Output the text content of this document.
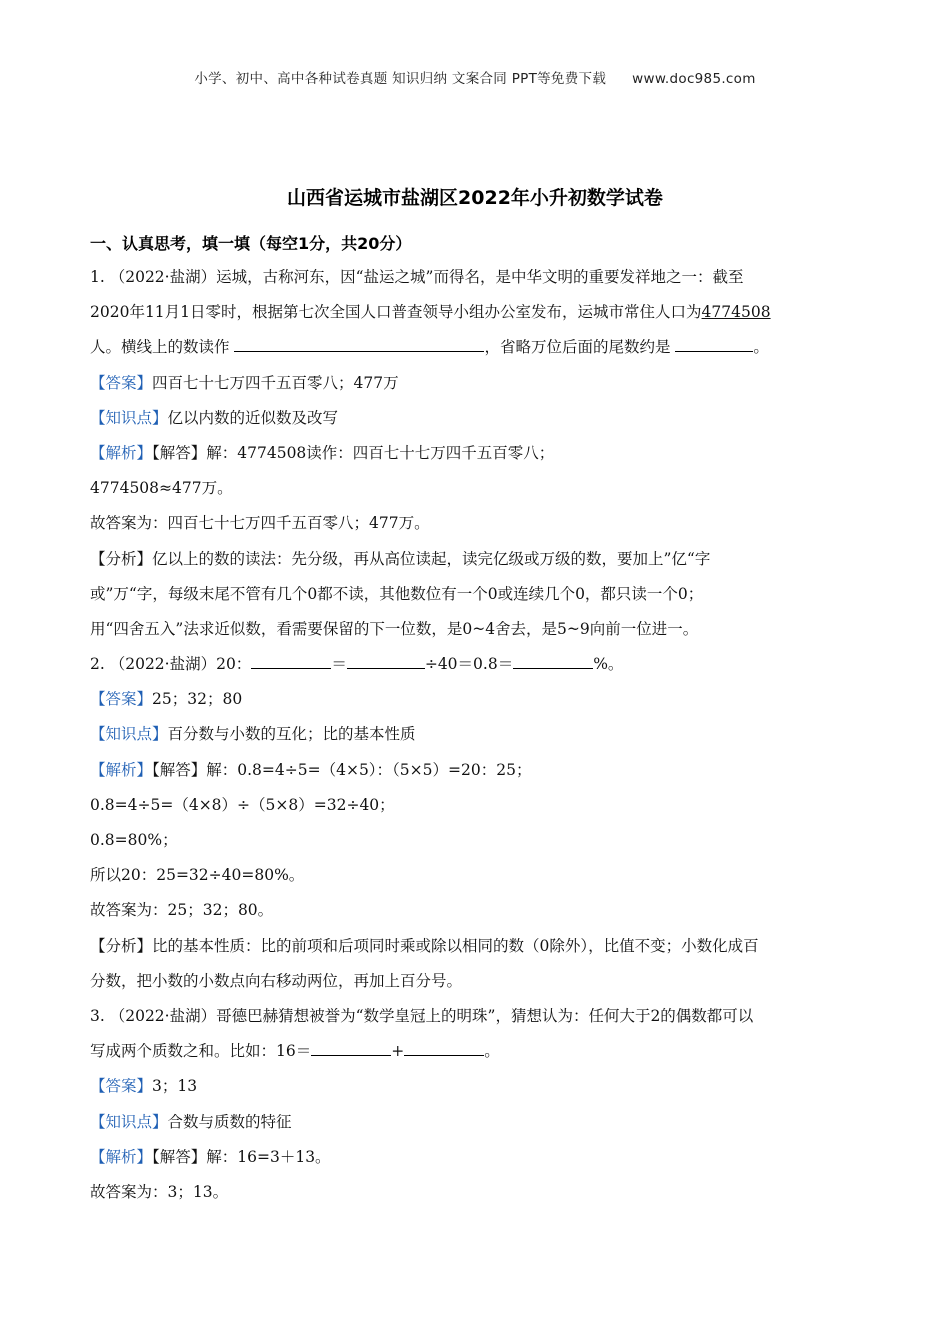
小学、初中、高中各种试卷真题 知识归纳 文案合同 PPT等免费下载 www.doc985.com
山西省运城市盐湖区2022年小升初数学试卷
一、认真思考，填一填（每空1分，共20分）
1. （2022·盐湖）运城，古称河东，因“盐运之城”而得名，是中华文明的重要发祥地之一：截至
2020年11月1日零时，根据第七次全国人口普查领导小组办公室发布，运城市常住人口为4774508
人。横线上的数读作	，省略万位后面的尾数约是	。
【答案】四百七十七万四千五百零八；477万
【知识点】亿以内数的近似数及改写
【解析】【解答】解：4774508读作：四百七十七万四千五百零八；
4774508≈477万。
故答案为：四百七十七万四千五百零八；477万。
【分析】亿以上的数的读法：先分级，再从高位读起，读完亿级或万级的数，要加上”亿“字
或”万“字，每级末尾不管有几个0都不读，其他数位有一个0或连续几个0，都只读一个0；
用“四舍五入”法求近似数，看需要保留的下一位数，是0~4舍去，是5~9向前一位进一。
2. （2022·盐湖）20：	＝	÷40＝0.8＝	%。
【答案】25；32；80
【知识点】百分数与小数的互化；比的基本性质
【解析】【解答】解：0.8=4÷5=（4×5）：（5×5）=20：25；
0.8=4÷5=（4×8）÷（5×8）=32÷40；
0.8=80%；
所以20：25=32÷40=80%。
故答案为：25；32；80。
【分析】比的基本性质：比的前项和后项同时乘或除以相同的数（0除外），比值不变；小数化成百
分数，把小数的小数点向右移动两位，再加上百分号。
3. （2022·盐湖）哥德巴赫猜想被誉为“数学皇冠上的明珠”，猜想认为：任何大于2的偶数都可以
写成两个质数之和。比如：16＝	+	。
【答案】3；13
【知识点】合数与质数的特征
【解析】【解答】解：16=3＋13。
故答案为：3；13。
